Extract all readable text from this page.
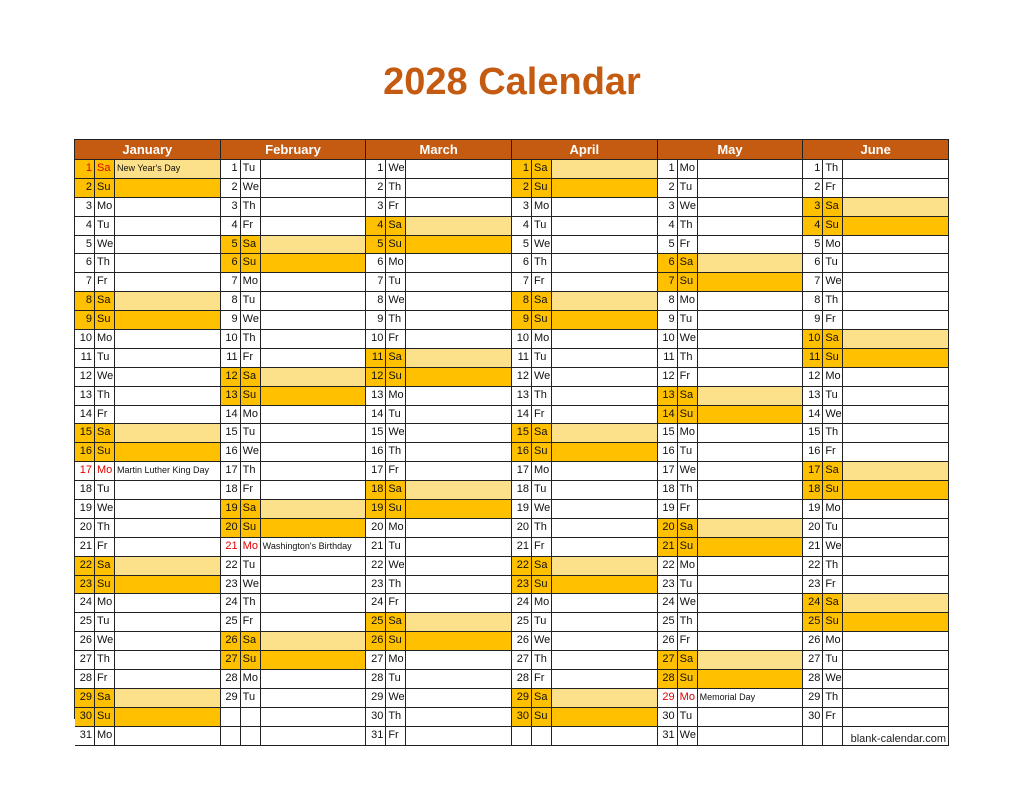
2028 Calendar
January
1 Sa New Year's Day
2 Su
3 Mo
4 Tu
5 We
6 Th
7 Fr
8 Sa
9 Su
10 Mo
11 Tu
12 We
13 Th
14 Fr
15 Sa
16 Su
17 Mo Martin Luther King Day
18 Tu
19 We
20 Th
21 Fr
22 Sa
23 Su
24 Mo
25 Tu
26 We
27 Th
28 Fr
29 Sa
30 Su
31 Mo
February
1 Tu
2 We
3 Th
4 Fr
5 Sa
6 Su
7 Mo
8 Tu
9 We
10 Th
11 Fr
12 Sa
13 Su
14 Mo
15 Tu
16 We
17 Th
18 Fr
19 Sa
20 Su
21 Mo Washington's Birthday
22 Tu
23 We
24 Th
25 Fr
26 Sa
27 Su
28 Mo
29 Tu
March
1 We
2 Th
3 Fr
4 Sa
5 Su
6 Mo
7 Tu
8 We
9 Th
10 Fr
11 Sa
12 Su
13 Mo
14 Tu
15 We
16 Th
17 Fr
18 Sa
19 Su
20 Mo
21 Tu
22 We
23 Th
24 Fr
25 Sa
26 Su
27 Mo
28 Tu
29 We
30 Th
31 Fr
April
1 Sa
2 Su
3 Mo
4 Tu
5 We
6 Th
7 Fr
8 Sa
9 Su
10 Mo
11 Tu
12 We
13 Th
14 Fr
15 Sa
16 Su
17 Mo
18 Tu
19 We
20 Th
21 Fr
22 Sa
23 Su
24 Mo
25 Tu
26 We
27 Th
28 Fr
29 Sa
30 Su
May
1 Mo
2 Tu
3 We
4 Th
5 Fr
6 Sa
7 Su
8 Mo
9 Tu
10 We
11 Th
12 Fr
13 Sa
14 Su
15 Mo
16 Tu
17 We
18 Th
19 Fr
20 Sa
21 Su
22 Mo
23 Tu
24 We
25 Th
26 Fr
27 Sa
28 Su
29 Mo Memorial Day
30 Tu
31 We
June
1 Th
2 Fr
3 Sa
4 Su
5 Mo
6 Tu
7 We
8 Th
9 Fr
10 Sa
11 Su
12 Mo
13 Tu
14 We
15 Th
16 Fr
17 Sa
18 Su
19 Mo
20 Tu
21 We
22 Th
23 Fr
24 Sa
25 Su
26 Mo
27 Tu
28 We
29 Th
30 Fr
blank-calendar.com
